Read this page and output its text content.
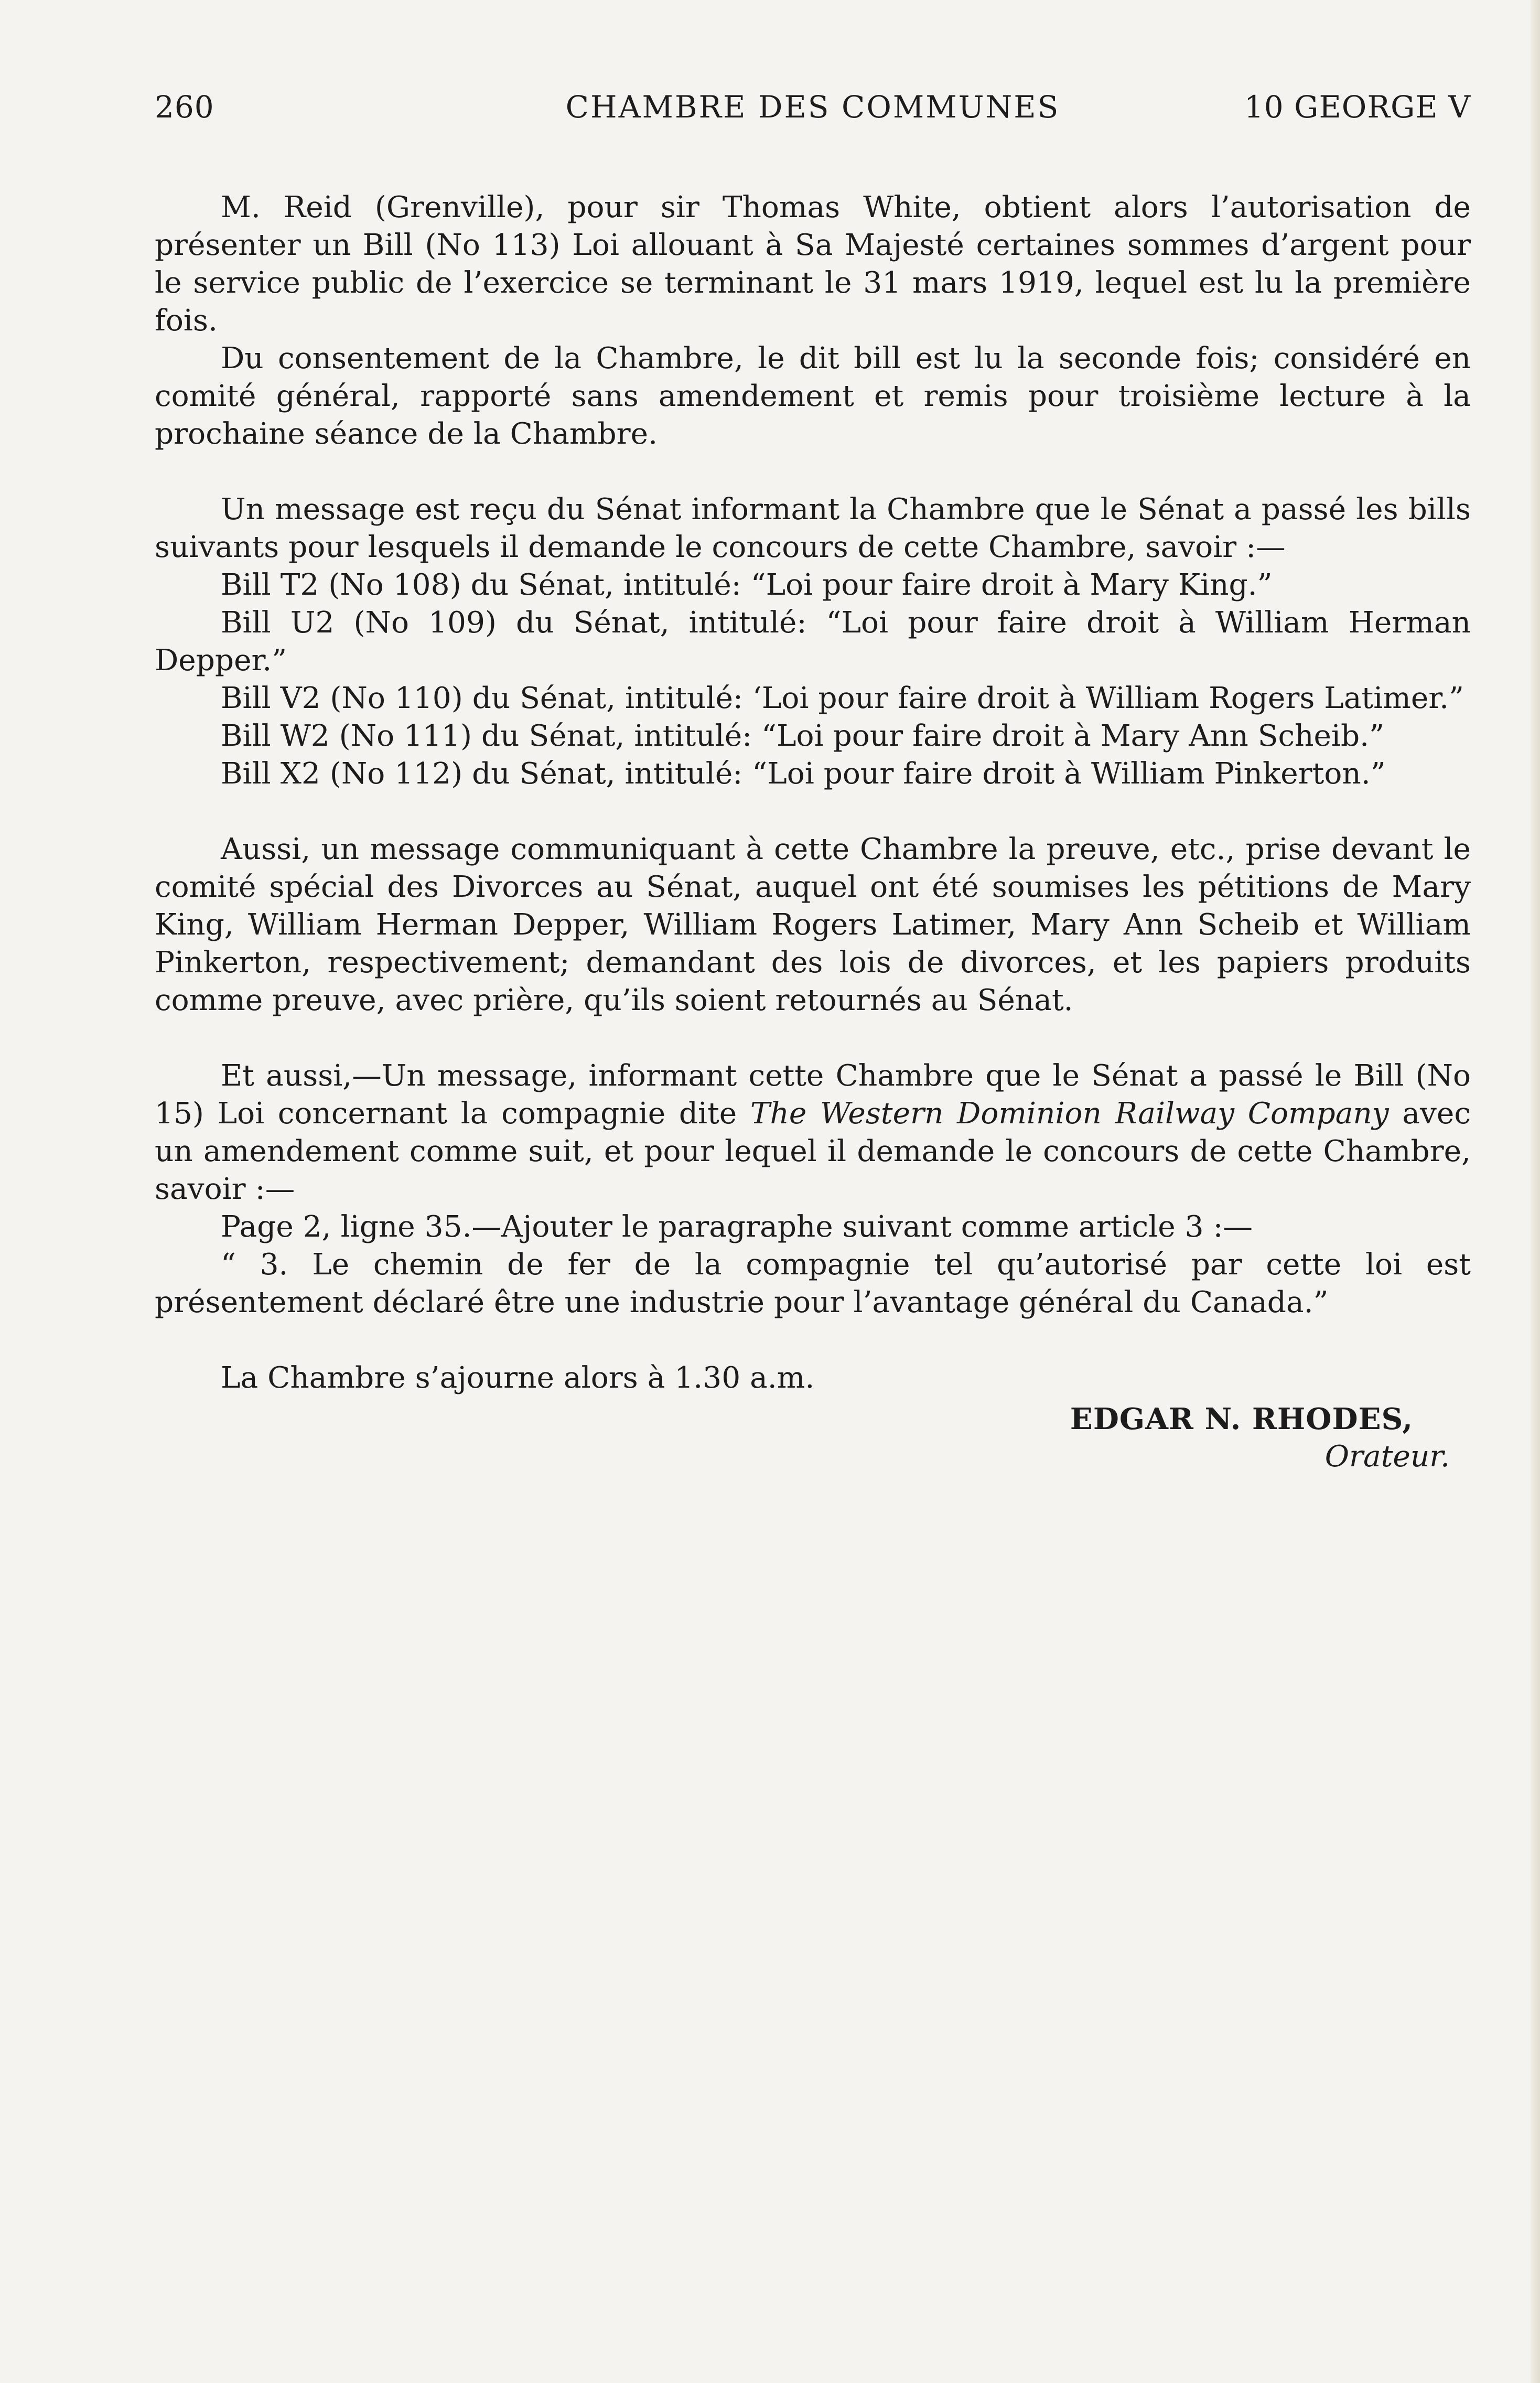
260	CHAMBRE DES COMMUNES	10 GEORGE V

M. Reid (Grenville), pour sir Thomas White, obtient alors l’autorisation de présenter un Bill (No 113) Loi allouant à Sa Majesté certaines sommes d’argent pour le service public de l’exercice se terminant le 31 mars 1919, lequel est lu la première fois.

Du consentement de la Chambre, le dit bill est lu la seconde fois; considéré en comité général, rapporté sans amendement et remis pour troisième lecture à la prochaine séance de la Chambre.

Un message est reçu du Sénat informant la Chambre que le Sénat a passé les bills suivants pour lesquels il demande le concours de cette Chambre, savoir :—

Bill T2 (No 108) du Sénat, intitulé: “Loi pour faire droit à Mary King.”

Bill U2 (No 109) du Sénat, intitulé: “Loi pour faire droit à William Herman Depper.”

Bill V2 (No 110) du Sénat, intitulé: ‘Loi pour faire droit à William Rogers Latimer.”

Bill W2 (No 111) du Sénat, intitulé: “Loi pour faire droit à Mary Ann Scheib.”

Bill X2 (No 112) du Sénat, intitulé: “Loi pour faire droit à William Pinkerton.”

Aussi, un message communiquant à cette Chambre la preuve, etc., prise devant le comité spécial des Divorces au Sénat, auquel ont été soumises les pétitions de Mary King, William Herman Depper, William Rogers Latimer, Mary Ann Scheib et William Pinkerton, respectivement; demandant des lois de divorces, et les papiers produits comme preuve, avec prière, qu’ils soient retournés au Sénat.

Et aussi,—Un message, informant cette Chambre que le Sénat a passé le Bill (No 15) Loi concernant la compagnie dite The Western Dominion Railway Company avec un amendement comme suit, et pour lequel il demande le concours de cette Chambre, savoir :—

Page 2, ligne 35.—Ajouter le paragraphe suivant comme article 3 :—

“ 3. Le chemin de fer de la compagnie tel qu’autorisé par cette loi est présentement déclaré être une industrie pour l’avantage général du Canada.”

La Chambre s’ajourne alors à 1.30 a.m.

EDGAR N. RHODES,
Orateur.
